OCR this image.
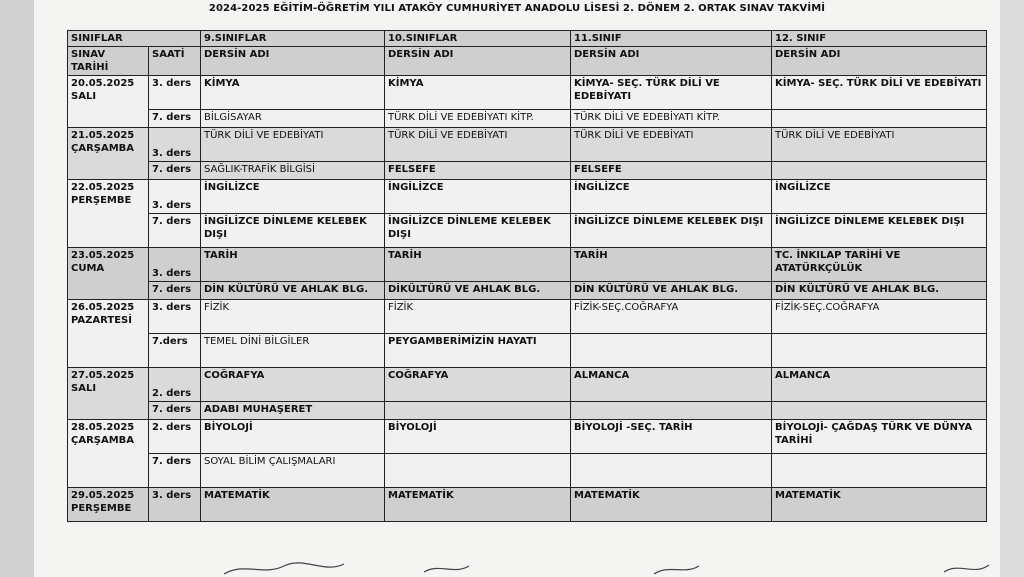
2024-2025 EĞİTİM-ÖĞRETİM YILI ATAKÖY CUMHURİYET ANADOLU LİSESİ 2. DÖNEM 2. ORTAK SINAV TAKVİMİ
SINIFLAR		9.SINIFLAR	10.SINIFLAR	11.SINIF	12. SINIF
SINAV TARİHİ	SAATİ	DERSİN ADI	DERSİN ADI	DERSİN ADI	DERSİN ADI

20.05.2025
SALI	3. ders	KİMYA	KİMYA	KİMYA- SEÇ. TÜRK DİLİ VE EDEBİYATI	KİMYA- SEÇ. TÜRK DİLİ VE EDEBİYATI
	7. ders	BİLGİSAYAR	TÜRK DİLİ VE EDEBİYATI KİTP.	TÜRK DİLİ VE EDEBİYATI KİTP.	

21.05.2025
ÇARŞAMBA	3. ders	TÜRK DİLİ VE EDEBİYATI	TÜRK DİLİ VE EDEBİYATI	TÜRK DİLİ VE EDEBİYATI	TÜRK DİLİ VE EDEBİYATI
	7. ders	SAĞLIK-TRAFİK BİLGİSİ	FELSEFE	FELSEFE	

22.05.2025
PERŞEMBE	3. ders	İNGİLİZCE	İNGİLİZCE	İNGİLİZCE	İNGİLİZCE
	7. ders	İNGİLİZCE DİNLEME KELEBEK DIŞI	İNGİLİZCE DİNLEME KELEBEK DIŞI	İNGİLİZCE DİNLEME KELEBEK DIŞI	İNGİLİZCE DİNLEME KELEBEK DIŞI

23.05.2025
CUMA	3. ders	TARİH	TARİH	TARİH	TC. İNKILAP TARİHİ VE ATATÜRKÇÜLÜK
	7. ders	DİN KÜLTÜRÜ VE AHLAK BLG.	DİKÜLTÜRÜ VE AHLAK BLG.	DİN KÜLTÜRÜ VE AHLAK BLG.	DİN KÜLTÜRÜ VE AHLAK BLG.

26.05.2025
PAZARTESİ	3. ders	FİZİK	FİZİK	FİZİK-SEÇ.COĞRAFYA	FİZİK-SEÇ.COĞRAFYA
	7.ders	TEMEL DİNİ BİLGİLER	PEYGAMBERİMİZİN HAYATI		

27.05.2025
SALI	2. ders	COĞRAFYA	COĞRAFYA	ALMANCA	ALMANCA
	7. ders	ADABI MUHAŞERET			

28.05.2025
ÇARŞAMBA	2. ders	BİYOLOJİ	BİYOLOJİ	BİYOLOJİ -SEÇ. TARİH	BİYOLOJİ- ÇAĞDAŞ TÜRK VE DÜNYA TARİHİ
	7. ders	SOYAL BİLİM ÇALIŞMALARI			

29.05.2025
PERŞEMBE	3. ders	MATEMATİK	MATEMATİK	MATEMATİK	MATEMATİK
